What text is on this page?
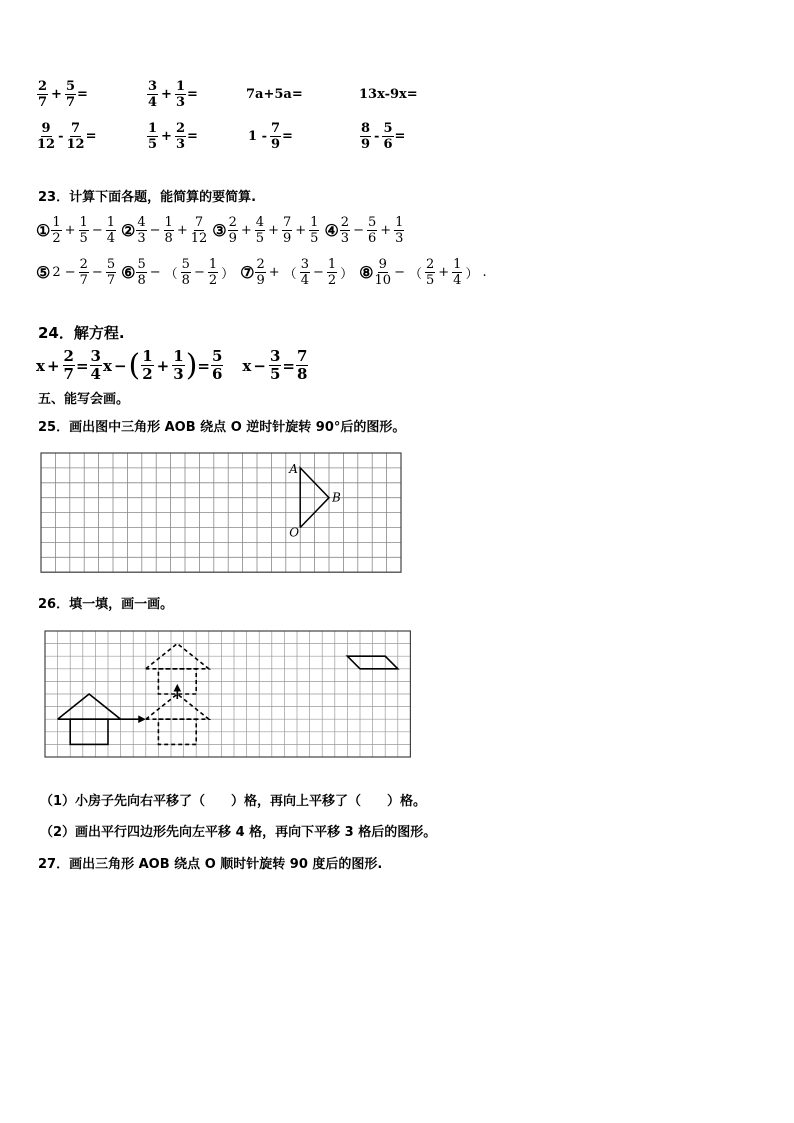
$\frac{2}{7} + \frac{5}{7}$ =	$\frac{3}{4} + \frac{1}{3}$ =	7a+5a=	13x-9x=
$\frac{9}{12} - \frac{7}{12}$ =	$\frac{1}{5} + \frac{2}{3}$ =	$1 - \frac{7}{9}$ =	$\frac{8}{9} - \frac{5}{6}$ =
23．计算下面各题，能简算的要简算.
① $\frac{1}{2} + \frac{1}{5} - \frac{1}{4}$ ② $\frac{4}{3} - \frac{1}{8} + \frac{7}{12}$ ③ $\frac{2}{9} + \frac{4}{5} + \frac{7}{9} + \frac{1}{5}$ ④ $\frac{2}{3} - \frac{5}{6} + \frac{1}{3}$
⑤ $2 - \frac{2}{7} - \frac{5}{7}$ ⑥ $\frac{5}{8}$ − （ $\frac{5}{8} - \frac{1}{2}$ ） ⑦ $\frac{2}{9}$ + （ $\frac{3}{4} - \frac{1}{2}$ ） ⑧ $\frac{9}{10}$ − （ $\frac{2}{5} + \frac{1}{4}$ ） .
24．解方程.
$x + \frac{2}{7} = \frac{3}{4}$ x − ( $\frac{1}{2} + \frac{1}{3}$ ) = $\frac{5}{6}$ $x - \frac{3}{5} = \frac{7}{8}$
五、能写会画。
25．画出图中三角形 AOB 绕点 O 逆时针旋转 90°后的图形。
A
B
O
26．填一填，画一画。
（1）小房子先向右平移了（　　）格，再向上平移了（　　）格。
（2）画出平行四边形先向左平移 4 格，再向下平移 3 格后的图形。
27．画出三角形 AOB 绕点 O 顺时针旋转 90 度后的图形.
